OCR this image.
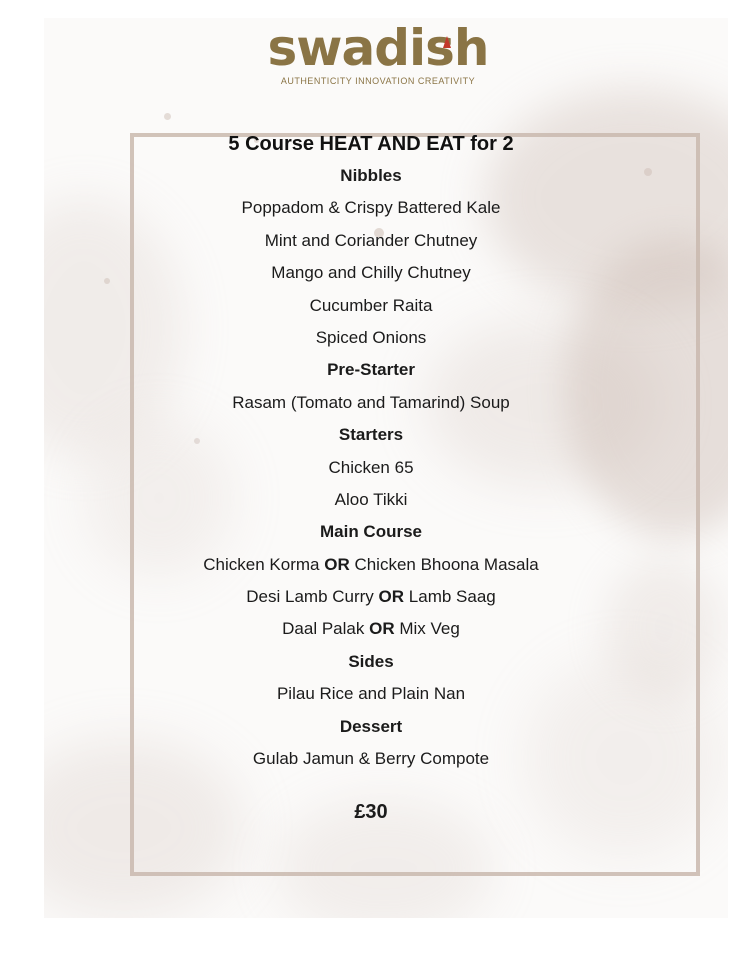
swadish
AUTHENTICITY INNOVATION CREATIVITY
5 Course HEAT AND EAT for 2
Nibbles
Poppadom & Crispy Battered Kale
Mint and Coriander Chutney
Mango and Chilly Chutney
Cucumber Raita
Spiced Onions
Pre-Starter
Rasam (Tomato and Tamarind) Soup
Starters
Chicken 65
Aloo Tikki
Main Course
Chicken Korma OR Chicken Bhoona Masala
Desi Lamb Curry OR Lamb Saag
Daal Palak OR Mix Veg
Sides
Pilau Rice and Plain Nan
Dessert
Gulab Jamun & Berry Compote
£30
